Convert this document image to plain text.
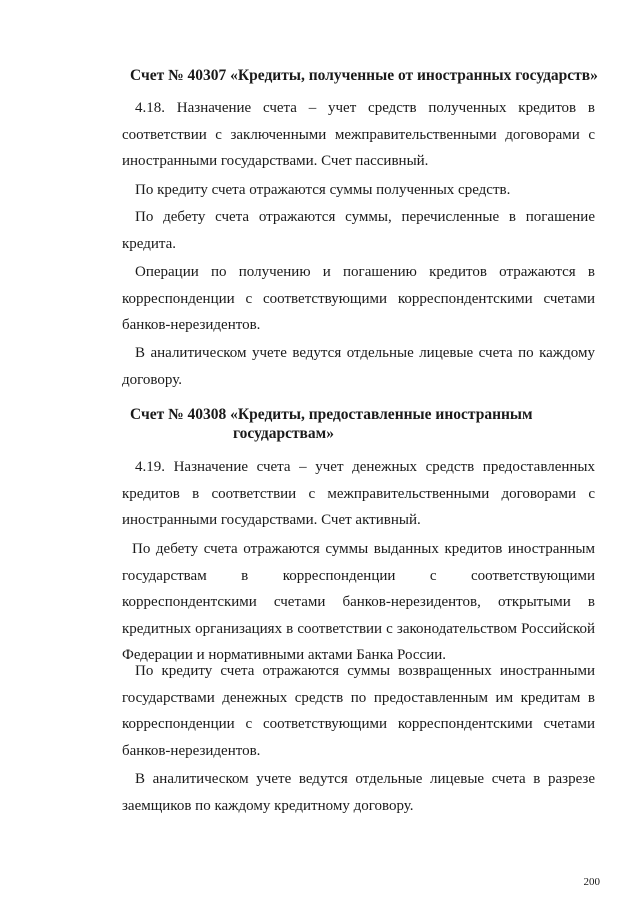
Счет № 40307 «Кредиты, полученные от иностранных государств»

4.18. Назначение счета – учет средств полученных кредитов в соответствии с заключенными межправительственными договорами с иностранными государствами. Счет пассивный.

По кредиту счета отражаются суммы полученных средств.

По дебету счета отражаются суммы, перечисленные в погашение кредита.

Операции по получению и погашению кредитов отражаются в корреспонденции с соответствующими корреспондентскими счетами банков-нерезидентов.

В аналитическом учете ведутся отдельные лицевые счета по каждому договору.

Счет № 40308 «Кредиты, предоставленные иностранным
государствам»

4.19. Назначение счета – учет денежных средств предоставленных кредитов в соответствии с межправительственными договорами с иностранными государствами. Счет активный.

По дебету счета отражаются суммы выданных кредитов иностранным государствам в корреспонденции с соответствующими корреспондентскими счетами банков-нерезидентов, открытыми в кредитных организациях в соответствии с законодательством Российской Федерации и нормативными актами Банка России.

По кредиту счета отражаются суммы возвращенных иностранными государствами денежных средств по предоставленным им кредитам в корреспонденции с соответствующими корреспондентскими счетами банков-нерезидентов.

В аналитическом учете ведутся отдельные лицевые счета в разрезе заемщиков по каждому кредитному договору.

200
